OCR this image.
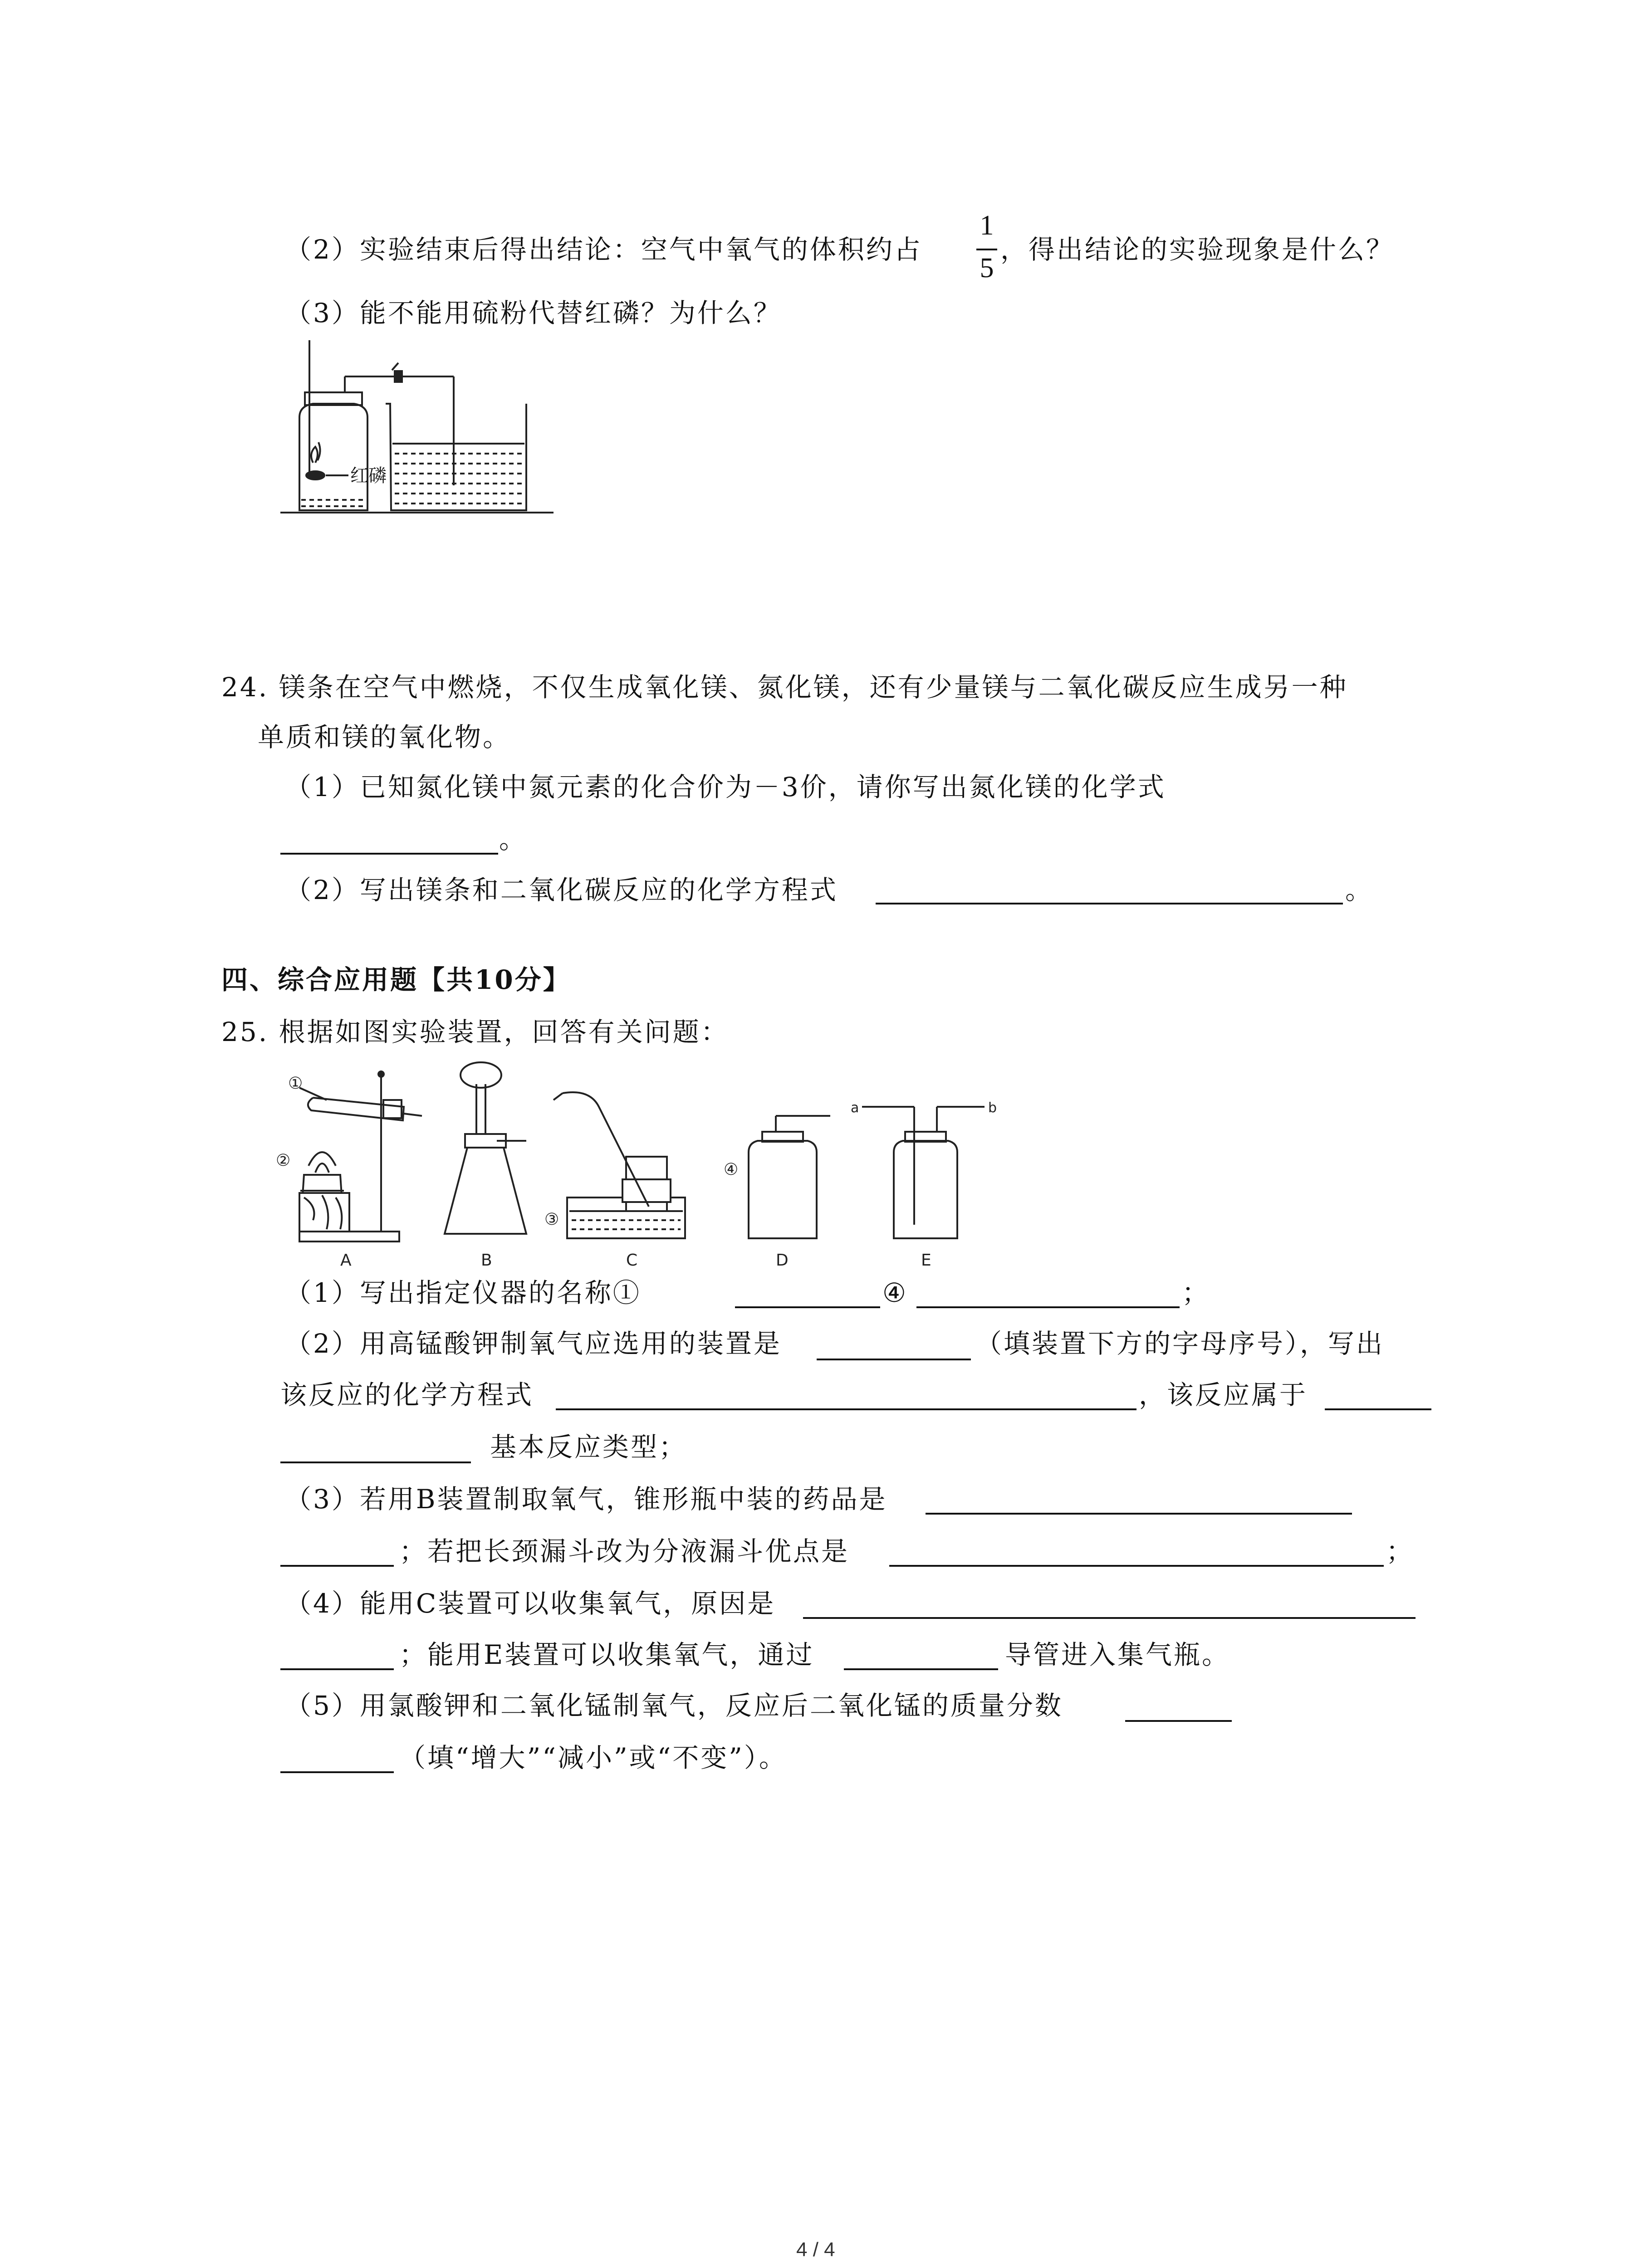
（2）实验结束后得出结论：空气中氧气的体积约占
1
5
，得出结论的实验现象是什么？
（3）能不能用硫粉代替红磷？为什么？
红磷
24. 镁条在空气中燃烧，不仅生成氧化镁、氮化镁，还有少量镁与二氧化碳反应生成另一种
单质和镁的氧化物。
（1）已知氮化镁中氮元素的化合价为－3价，请你写出氮化镁的化学式
。
（2）写出镁条和二氧化碳反应的化学方程式	。
四、综合应用题【共10分】
25. 根据如图实验装置，回答有关问题：
A	B	C	D	E
a	b
①
②
③
④
（1）写出指定仪器的名称①	④	；
（2）用高锰酸钾制氧气应选用的装置是	（填装置下方的字母序号），写出
该反应的化学方程式	，该反应属于
基本反应类型；
（3）若用B装置制取氧气，锥形瓶中装的药品是
；若把长颈漏斗改为分液漏斗优点是	；
（4）能用C装置可以收集氧气，原因是
；能用E装置可以收集氧气，通过	导管进入集气瓶。
（5）用氯酸钾和二氧化锰制氧气，反应后二氧化锰的质量分数
（填“增大”“减小”或“不变”）。
4 / 4
